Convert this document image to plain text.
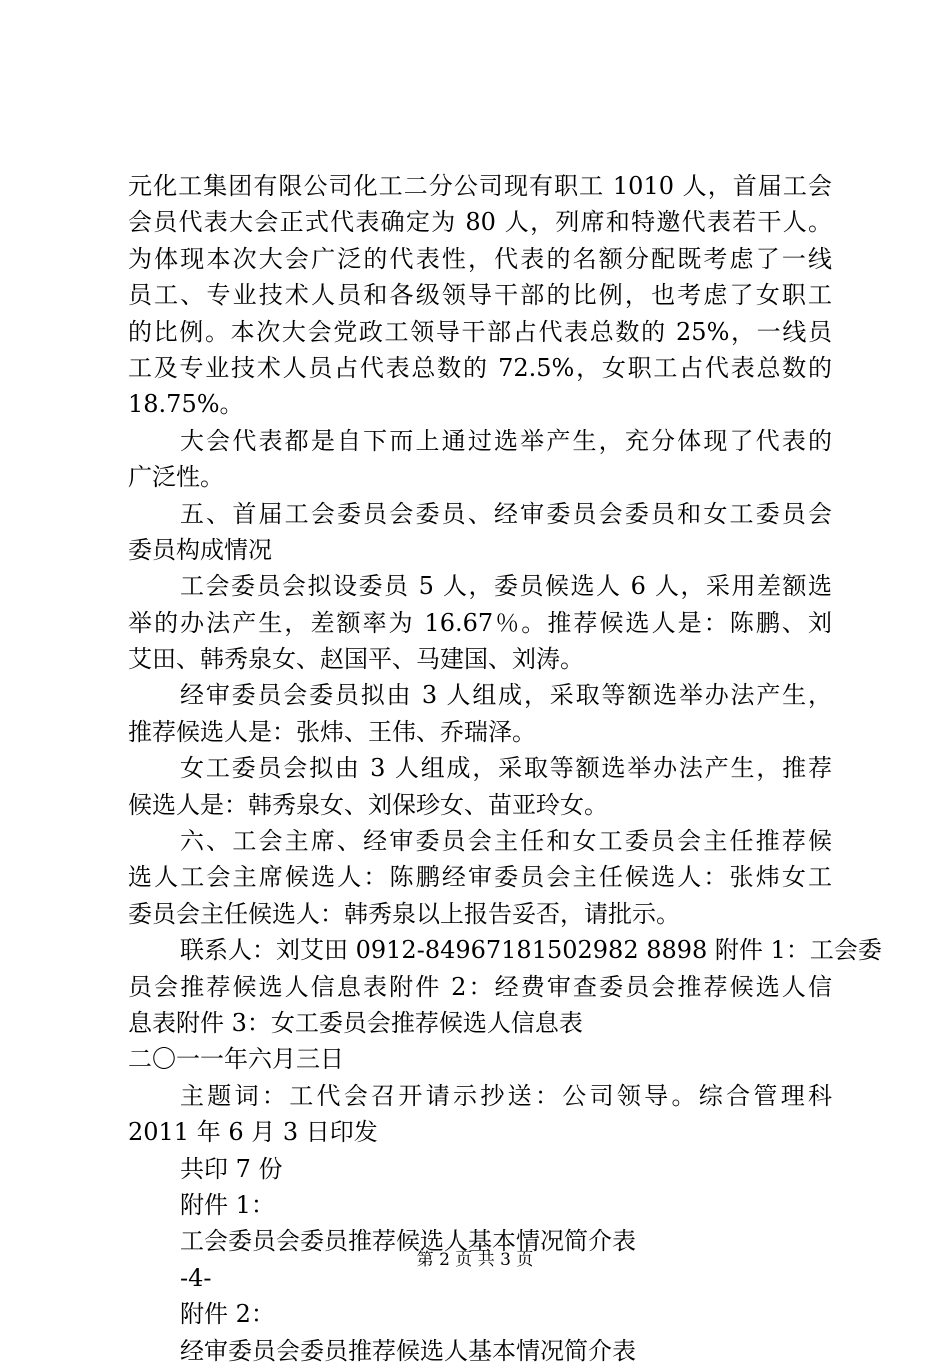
元化工集团有限公司化工二分公司现有职工 1010 人，首届工会
会员代表大会正式代表确定为 80 人，列席和特邀代表若干人。
为体现本次大会广泛的代表性，代表的名额分配既考虑了一线
员工、专业技术人员和各级领导干部的比例，也考虑了女职工
的比例。本次大会党政工领导干部占代表总数的 25%，一线员
工及专业技术人员占代表总数的 72.5%，女职工占代表总数的
18.75%。
大会代表都是自下而上通过选举产生，充分体现了代表的
广泛性。
五、首届工会委员会委员、经审委员会委员和女工委员会
委员构成情况
工会委员会拟设委员 5 人，委员候选人 6 人，采用差额选
举的办法产生，差额率为 16.67％。推荐候选人是：陈鹏、刘
艾田、韩秀泉女、赵国平、马建国、刘涛。
经审委员会委员拟由 3 人组成，采取等额选举办法产生，
推荐候选人是：张炜、王伟、乔瑞泽。
女工委员会拟由 3 人组成，采取等额选举办法产生，推荐
候选人是：韩秀泉女、刘保珍女、苗亚玲女。
六、工会主席、经审委员会主任和女工委员会主任推荐候
选人工会主席候选人：陈鹏经审委员会主任候选人：张炜女工
委员会主任候选人：韩秀泉以上报告妥否，请批示。
联系人：刘艾田 0912-84967181502982 8898 附件 1：工会委
员会推荐候选人信息表附件 2：经费审查委员会推荐候选人信
息表附件 3：女工委员会推荐候选人信息表
二〇一一年六月三日
主题词：工代会召开请示抄送：公司领导。综合管理科
2011 年 6 月 3 日印发
共印 7 份
附件 1：
工会委员会委员推荐候选人基本情况简介表
-4-
附件 2：
经审委员会委员推荐候选人基本情况简介表
第 2 页 共 3 页
